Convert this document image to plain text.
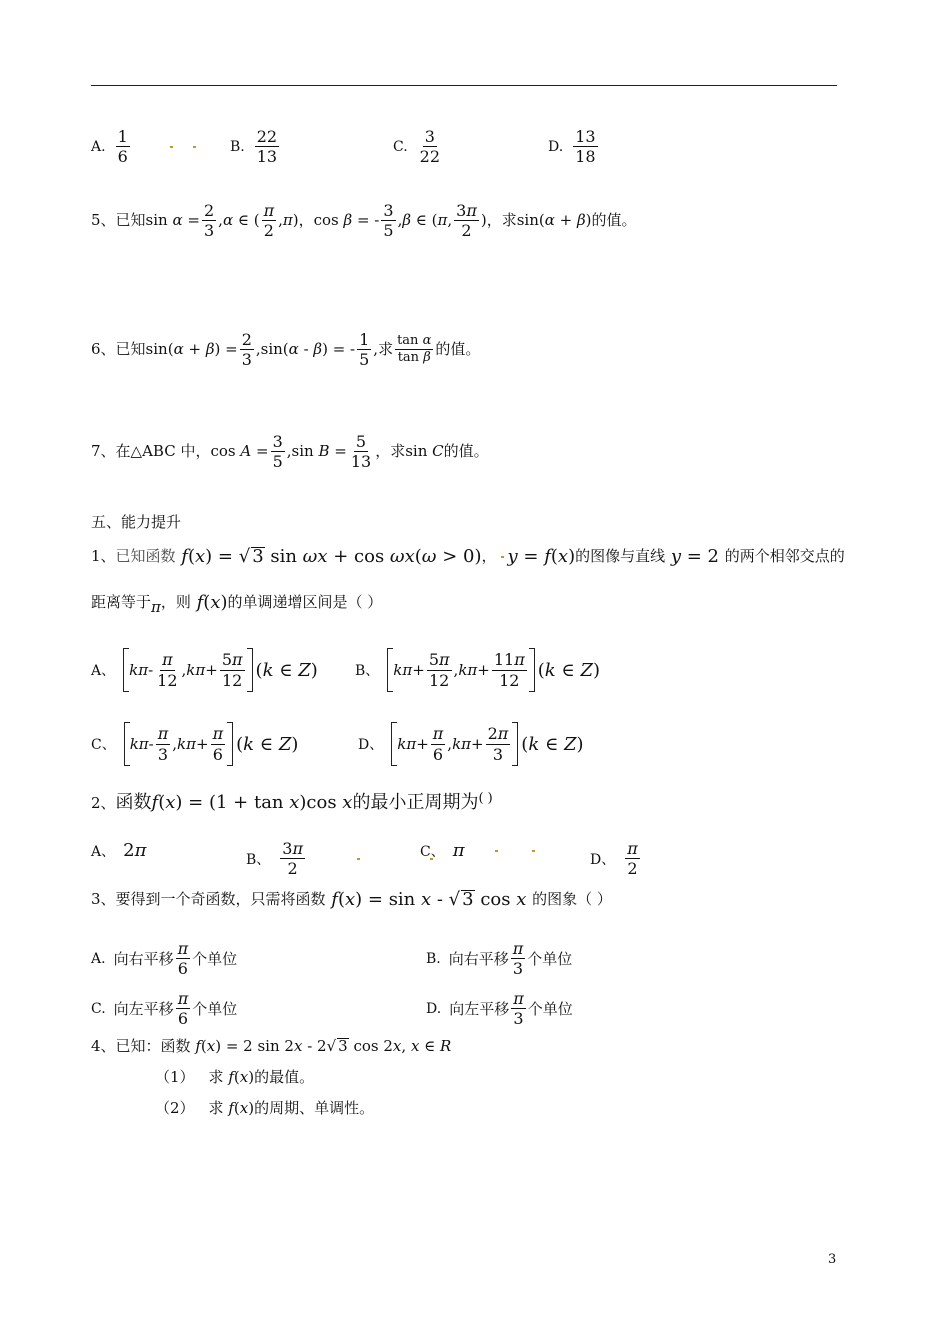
A. $\frac{1}{6}$	B. $\frac{22}{13}$	C. $\frac{3}{22}$	D. $\frac{13}{18}$
5、已知 $\sin \alpha = \frac{2}{3} ,\alpha$ ∈ ( $\frac{\pi}{2} ,\pi$) ， cos β = - $\frac{3}{5} ,\beta$ ∈ (π, $\frac{3\pi}{2}$ ) ，求 sin(α + β) 的值。
6、已知 $\sin(\alpha + \beta) = \frac{2}{3} ,\sin(\alpha - \beta)$ = - $\frac{1}{5}$ ,求 $\frac{\text{tan α}}{\text{tan β}}$ 的值。
7、在△ABC 中， $\cos A = \frac{3}{5} ,\sin$ $B = \frac{5}{13}$ ，求 sin C 的值。
五、能力提升
1、 已知函数 f(x) = √ 3 sin ωx + cos ωx(ω > 0) ， y = f(x) 的图像与直线 y = 2 的两个相邻交点的
距离等于 π ，则 f(x) 的单调递增区间是（ ）
A、 kπ - $\frac{\pi}{12}$ , $k\pi + \frac{5\pi}{12} (k$ ∈ Z)	B、 $k\pi + \frac{5\pi}{12}$ , $k\pi + \frac{11\pi}{12} (k$ ∈ Z)
C、 kπ - $\frac{\pi}{3}$ , $k\pi + \frac{\pi}{6} (k$ ∈ Z)	D、 $k\pi + \frac{\pi}{6}$ , $k\pi + \frac{2\pi}{3} (k$ ∈ Z)
2、 函数 f(x) = (1 + tan x)cos x 的最小正周期为 ( )
A、 2π	B、 $\frac{3\pi}{2}$	C、 π	D、 $\frac{\pi}{2}$
3、要得到一个奇函数，只需将函数 f(x) = sin x - √ 3 cos x 的图象（ ）
A. 向右平移 $\frac{\pi}{6}$ 个单位	B. 向右平移 $\frac{\pi}{3}$ 个单位
C. 向左平移 $\frac{\pi}{6}$ 个单位	D. 向左平移 $\frac{\pi}{3}$ 个单位
4、已知：函数 f(x) = 2 sin 2x - 2√ 3 cos 2x, x ∈ R
（1） 求 f(x) 的最值。
（2） 求 f(x) 的周期、单调性。
3
